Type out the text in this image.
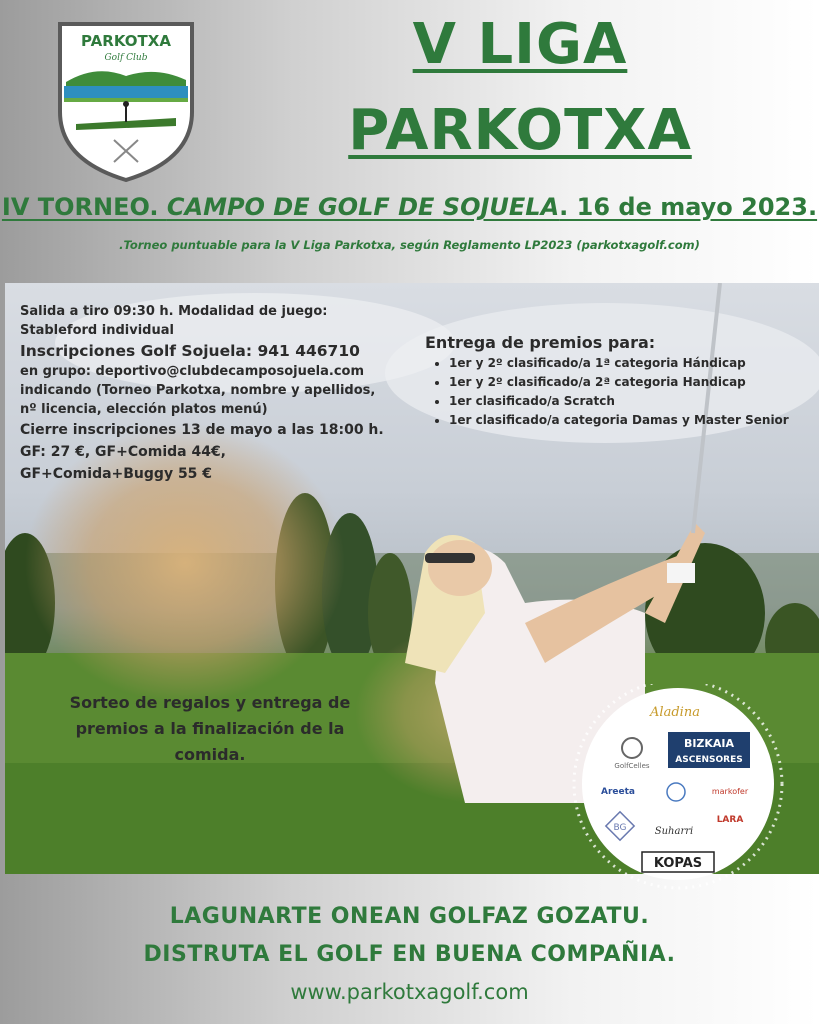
PARKOTXA
Golf Club	V LIGA
PARKOTXA
IV TORNEO. CAMPO DE GOLF DE SOJUELA. 16 de mayo 2023.
.Torneo puntuable para la V Liga Parkotxa, según Reglamento LP2023 (parkotxagolf.com)
Salida a tiro 09:30 h. Modalidad de juego: Stableford individual
Inscripciones Golf Sojuela: 941 446710
en grupo: deportivo@clubdecamposojuela.com indicando (Torneo Parkotxa, nombre y apellidos, nº licencia, elección platos menú)
Cierre inscripciones 13 de mayo a las 18:00 h.
GF: 27 €, GF+Comida 44€,
GF+Comida+Buggy 55 €
Entrega de premios para:
• 1er y 2º clasificado/a 1ª categoria Hándicap
• 1er y 2º clasificado/a 2ª categoria Handicap
• 1er clasificado/a Scratch
• 1er clasificado/a categoria Damas y Master Senior
Sorteo de regalos y entrega de premios a la finalización de la comida.
Aladina
GolfCelles
BIZKAIA
ASCENSORES
Areeta	markofer
BG	Suharri
LARA
KOPAS
LAGUNARTE ONEAN GOLFAZ GOZATU.
DISTRUTA EL GOLF EN BUENA COMPAÑIA.
www.parkotxagolf.com
